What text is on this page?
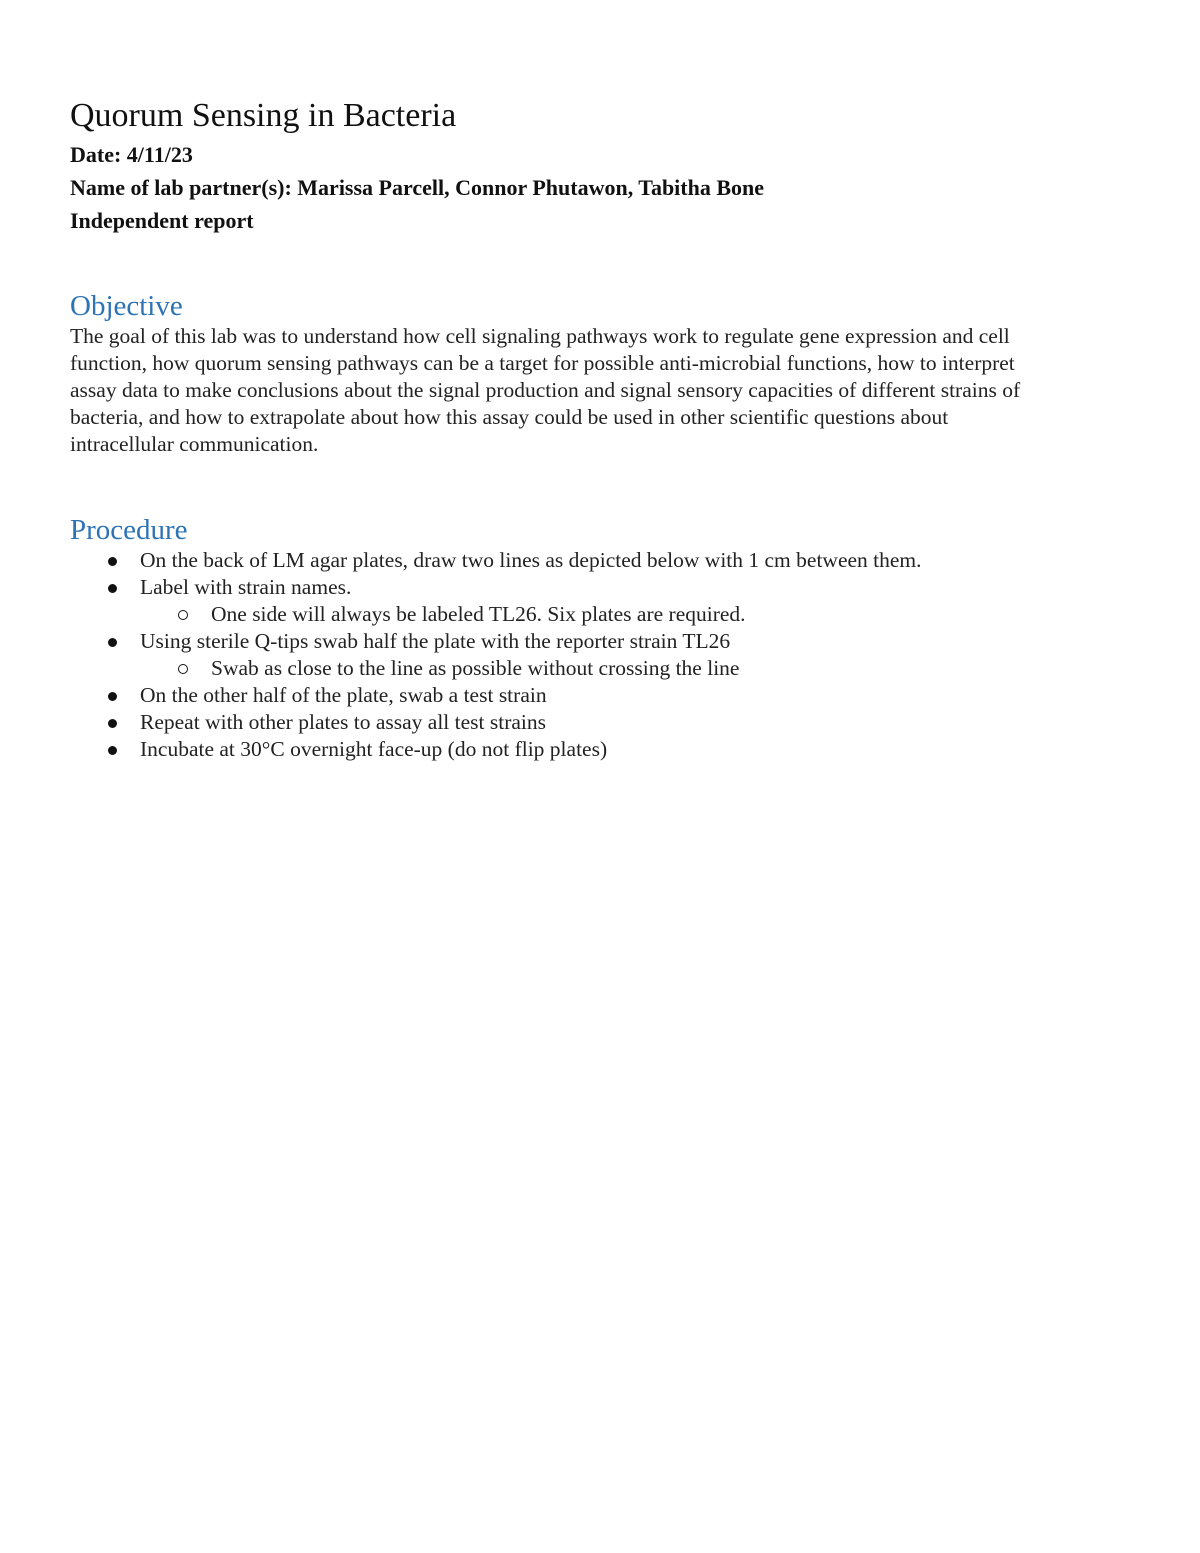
Quorum Sensing in Bacteria

Date: 4/11/23

Name of lab partner(s): Marissa Parcell, Connor Phutawon, Tabitha Bone

Independent report

Objective

The goal of this lab was to understand how cell signaling pathways work to regulate gene expression and cell

function, how quorum sensing pathways can be a target for possible anti-microbial functions, how to interpret

assay data to make conclusions about the signal production and signal sensory capacities of different strains of

bacteria, and how to extrapolate about how this assay could be used in other scientific questions about

intracellular communication.

Procedure
On the back of LM agar plates, draw two lines as depicted below with 1 cm between them.
Label with strain names.
One side will always be labeled TL26. Six plates are required.
Using sterile Q-tips swab half the plate with the reporter strain TL26
Swab as close to the line as possible without crossing the line
On the other half of the plate, swab a test strain
Repeat with other plates to assay all test strains
Incubate at 30°C overnight face-up (do not flip plates)
